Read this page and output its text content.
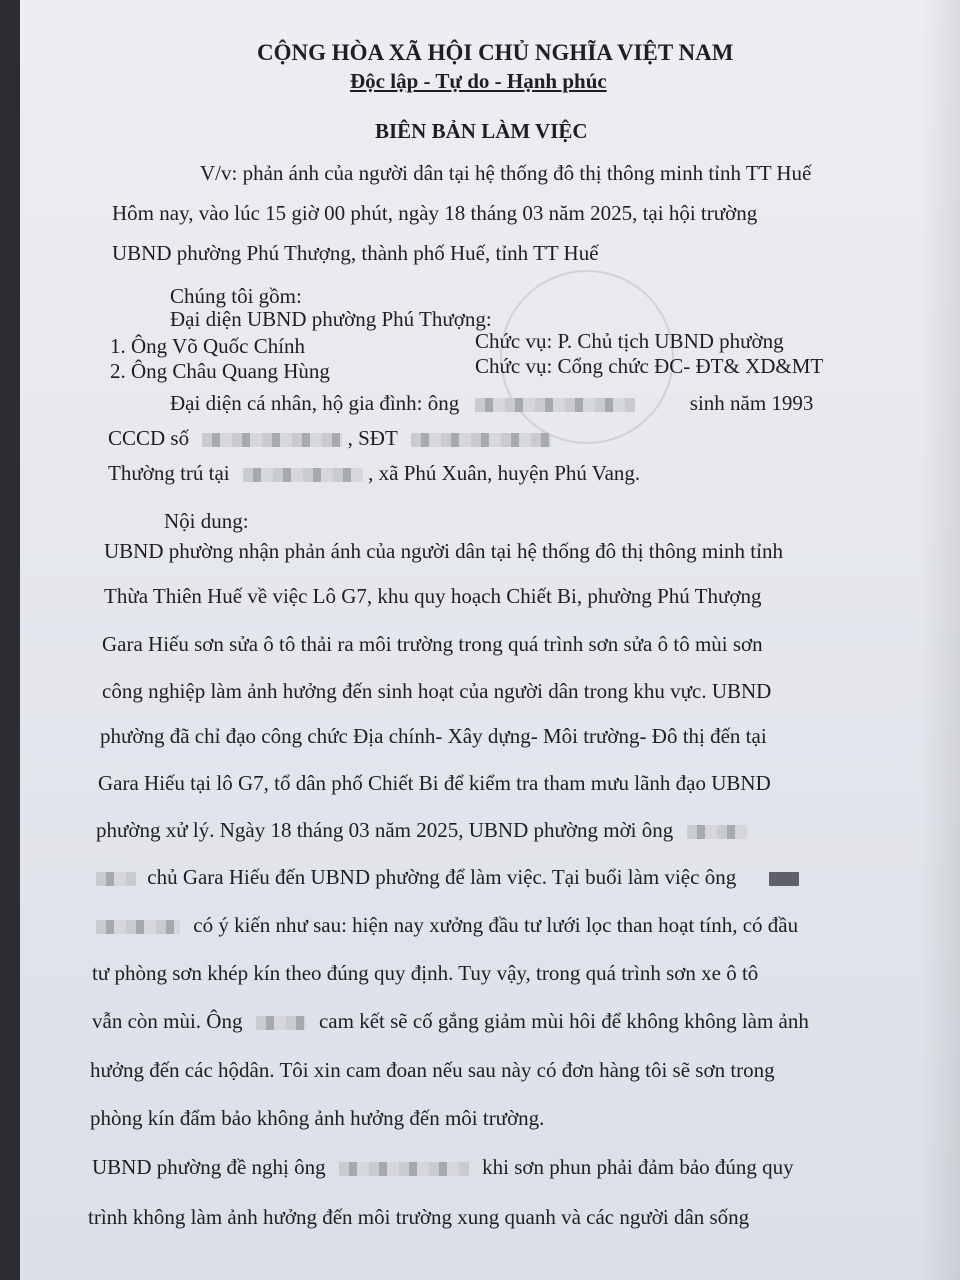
CỘNG HÒA XÃ HỘI CHỦ NGHĨA VIỆT NAM
Độc lập - Tự do - Hạnh phúc
BIÊN BẢN LÀM VIỆC
V/v: phản ánh của người dân tại hệ thống đô thị thông minh tỉnh TT Huế
Hôm nay, vào lúc 15 giờ 00 phút, ngày 18 tháng 03 năm 2025, tại hội trường
UBND phường Phú Thượng, thành phố Huế, tỉnh TT Huế
Chúng tôi gồm:
Đại diện UBND phường Phú Thượng:
1. Ông Võ Quốc Chính	Chức vụ: P. Chủ tịch UBND phường
2. Ông Châu Quang Hùng	Chức vụ: Cổng chức ĐC- ĐT& XD&MT
Đại diện cá nhân, hộ gia đình: ông	sinh năm 1993
CCCD số	, SĐT
Thường trú tại	, xã Phú Xuân, huyện Phú Vang.
Nội dung:
UBND phường nhận phản ánh của người dân tại hệ thống đô thị thông minh tỉnh
Thừa Thiên Huế về việc Lô G7, khu quy hoạch Chiết Bi, phường Phú Thượng
Gara Hiếu sơn sửa ô tô thải ra môi trường trong quá trình sơn sửa ô tô mùi sơn
công nghiệp làm ảnh hưởng đến sinh hoạt của người dân trong khu vực. UBND
phường đã chỉ đạo công chức Địa chính- Xây dựng- Môi trường- Đô thị đến tại
Gara Hiếu tại lô G7, tổ dân phố Chiết Bi để kiểm tra tham mưu lãnh đạo UBND
phường xử lý. Ngày 18 tháng 03 năm 2025, UBND phường mời ông
chủ Gara Hiếu đến UBND phường để làm việc. Tại buổi làm việc ông
có ý kiến như sau: hiện nay xưởng đầu tư lưới lọc than hoạt tính, có đầu
tư phòng sơn khép kín theo đúng quy định. Tuy vậy, trong quá trình sơn xe ô tô
vẫn còn mùi. Ông	cam kết sẽ cố gắng giảm mùi hôi để không không làm ảnh
hưởng đến các hộdân. Tôi xin cam đoan nếu sau này có đơn hàng tôi sẽ sơn trong
phòng kín đẩm bảo không ảnh hưởng đến môi trường.
UBND phường đề nghị ông	khi sơn phun phải đảm bảo đúng quy
trình không làm ảnh hưởng đến môi trường xung quanh và các người dân sống
